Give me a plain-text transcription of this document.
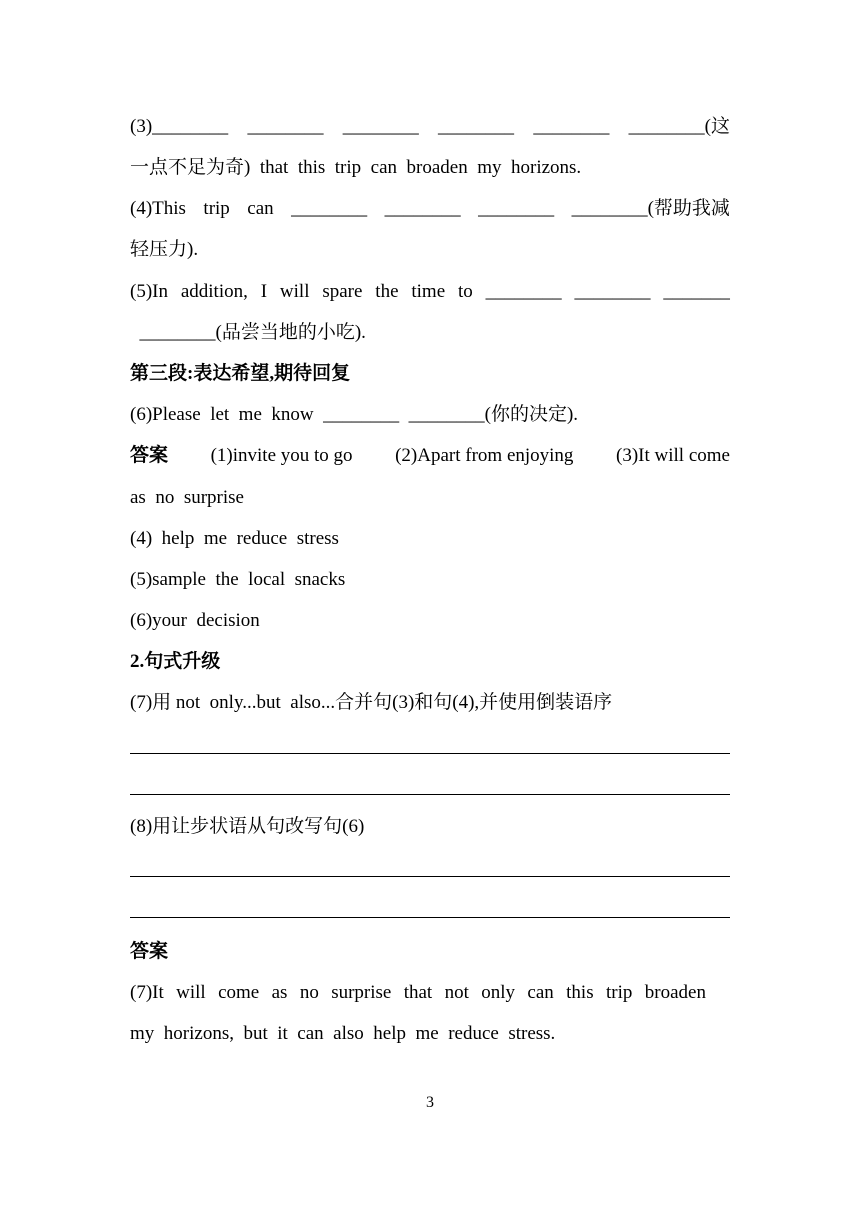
(3)________ ________ ________ ________ ________ ________(这
一点不足为奇)  that  this  trip  can  broaden  my  horizons.
(4)This trip can ________ ________ ________ ________(帮助我减
轻压力).
(5)In addition, I will spare the time to ________ ________ _______
________(品尝当地的小吃).
第三段:表达希望,期待回复
(6)Please  let  me  know  ________  ________(你的决定).
答案 (1)invite you to go (2)Apart from enjoying (3)It will come
as  no  surprise
(4)  help  me  reduce  stress
(5)sample  the  local  snacks
(6)your  decision
2.句式升级
(7)用 not  only...but  also...合并句(3)和句(4),并使用倒装语序
(8)用让步状语从句改写句(6)
答案
(7)It will come as no surprise that not only can this trip broaden
my  horizons,  but  it  can  also  help  me  reduce  stress.
3
